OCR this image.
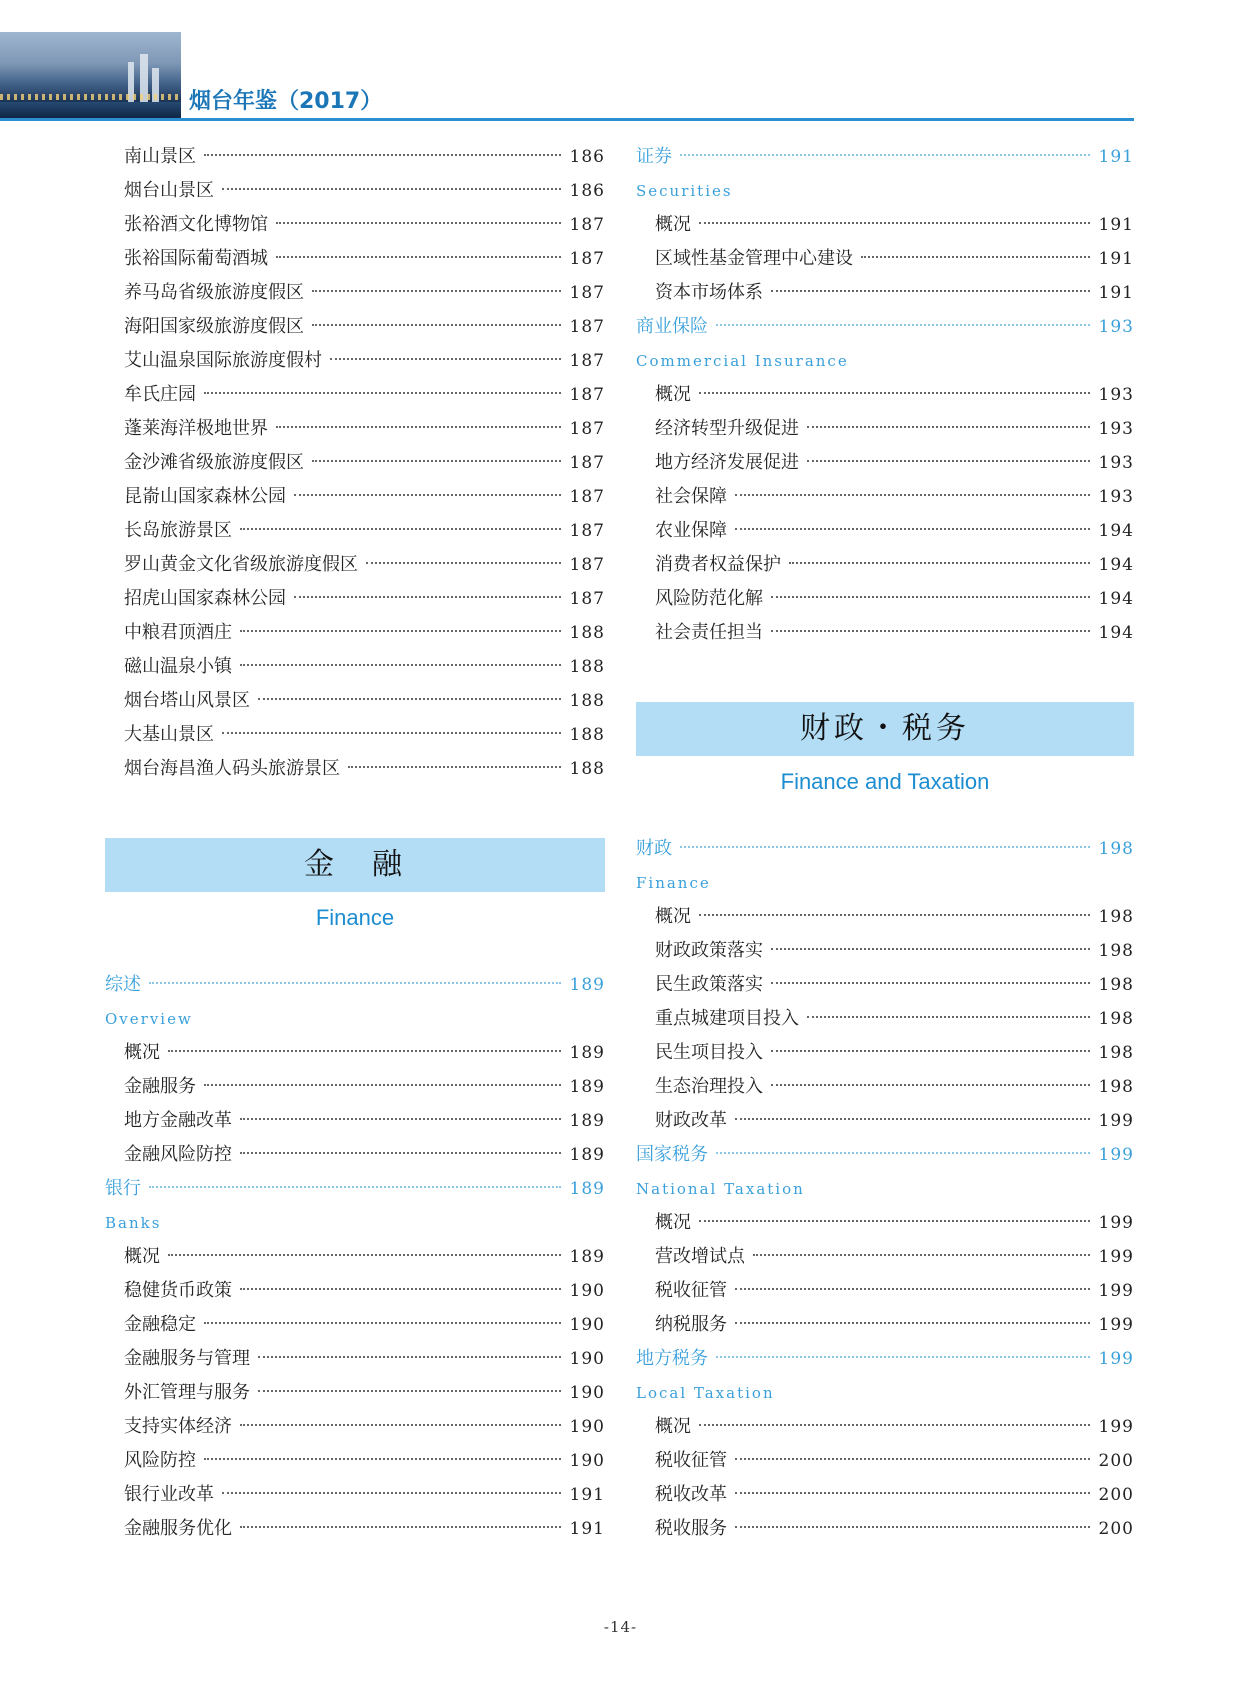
烟台年鉴（2017）
南山景区	186
烟台山景区	186
张裕酒文化博物馆	187
张裕国际葡萄酒城	187
养马岛省级旅游度假区	187
海阳国家级旅游度假区	187
艾山温泉国际旅游度假村	187
牟氏庄园	187
蓬莱海洋极地世界	187
金沙滩省级旅游度假区	187
昆嵛山国家森林公园	187
长岛旅游景区	187
罗山黄金文化省级旅游度假区	187
招虎山国家森林公园	187
中粮君顶酒庄	188
磁山温泉小镇	188
烟台塔山风景区	188
大基山景区	188
烟台海昌渔人码头旅游景区	188
金　融
Finance
综述	189
Overview
概况	189
金融服务	189
地方金融改革	189
金融风险防控	189
银行	189
Banks
概况	189
稳健货币政策	190
金融稳定	190
金融服务与管理	190
外汇管理与服务	190
支持实体经济	190
风险防控	190
银行业改革	191
金融服务优化	191
证券	191
Securities
概况	191
区域性基金管理中心建设	191
资本市场体系	191
商业保险	193
Commercial Insurance
概况	193
经济转型升级促进	193
地方经济发展促进	193
社会保障	193
农业保障	194
消费者权益保护	194
风险防范化解	194
社会责任担当	194
财政・税务
Finance and Taxation
财政	198
Finance
概况	198
财政政策落实	198
民生政策落实	198
重点城建项目投入	198
民生项目投入	198
生态治理投入	198
财政改革	199
国家税务	199
National Taxation
概况	199
营改增试点	199
税收征管	199
纳税服务	199
地方税务	199
Local Taxation
概况	199
税收征管	200
税收改革	200
税收服务	200
-14-
